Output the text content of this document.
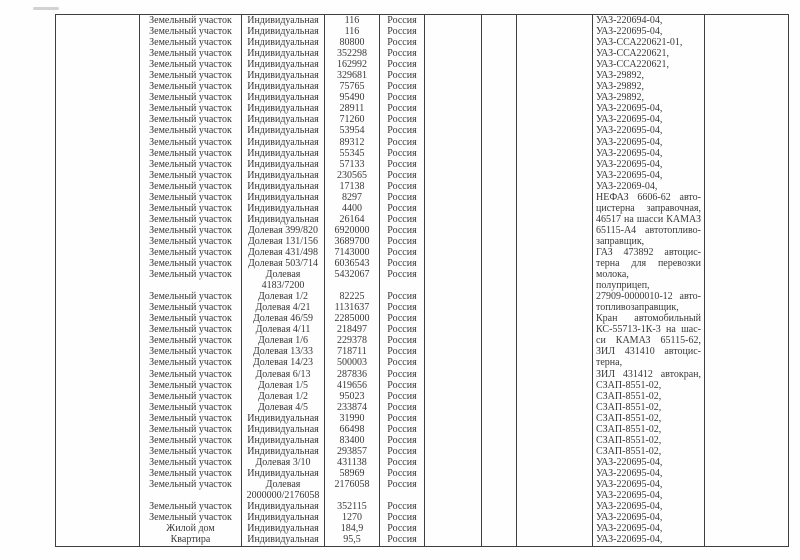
Земельный участок
Земельный участок
Земельный участок
Земельный участок
Земельный участок
Земельный участок
Земельный участок
Земельный участок
Земельный участок
Земельный участок
Земельный участок
Земельный участок
Земельный участок
Земельный участок
Земельный участок
Земельный участок
Земельный участок
Земельный участок
Земельный участок
Земельный участок
Земельный участок
Земельный участок
Земельный участок
Земельный участок
Земельный участок
Земельный участок
Земельный участок
Земельный участок
Земельный участок
Земельный участок
Земельный участок
Земельный участок
Земельный участок
Земельный участок
Земельный участок
Земельный участок
Земельный участок
Земельный участок
Земельный участок
Земельный участок
Земельный участок
Земельный участок
Земельный участок
Земельный участок
Жилой дом
Квартира
Индивидуальная
Индивидуальная
Индивидуальная
Индивидуальная
Индивидуальная
Индивидуальная
Индивидуальная
Индивидуальная
Индивидуальная
Индивидуальная
Индивидуальная
Индивидуальная
Индивидуальная
Индивидуальная
Индивидуальная
Индивидуальная
Индивидуальная
Индивидуальная
Индивидуальная
Долевая 399/820
Долевая 131/156
Долевая 431/498
Долевая 503/714
Долевая
4183/7200
Долевая 1/2
Долевая 4/21
Долевая 46/59
Долевая 4/11
Долевая 1/6
Долевая 13/33
Долевая 14/23
Долевая 6/13
Долевая 1/5
Долевая 1/2
Долевая 4/5
Индивидуальная
Индивидуальная
Индивидуальная
Индивидуальная
Долевая 3/10
Индивидуальная
Долевая
2000000/2176058
Индивидуальная
Индивидуальная
Индивидуальная
Индивидуальная
116
116
80800
352298
162992
329681
75765
95490
28911
71260
53954
89312
55345
57133
230565
17138
8297
4400
26164
6920000
3689700
7143000
6036543
5432067
82225
1131637
2285000
218497
229378
718711
500003
287836
419656
95023
233874
31990
66498
83400
293857
431138
58969
2176058
352115
1270
184,9
95,5
Россия
Россия
Россия
Россия
Россия
Россия
Россия
Россия
Россия
Россия
Россия
Россия
Россия
Россия
Россия
Россия
Россия
Россия
Россия
Россия
Россия
Россия
Россия
Россия
Россия
Россия
Россия
Россия
Россия
Россия
Россия
Россия
Россия
Россия
Россия
Россия
Россия
Россия
Россия
Россия
Россия
Россия
Россия
Россия
Россия
Россия
УАЗ-220694-04,
УАЗ-220695-04,
УАЗ-ССА220621-01,
УАЗ-ССА220621,
УАЗ-ССА220621,
УАЗ-29892,
УАЗ-29892,
УАЗ-29892,
УАЗ-220695-04,
УАЗ-220695-04,
УАЗ-220695-04,
УАЗ-220695-04,
УАЗ-220695-04,
УАЗ-220695-04,
УАЗ-220695-04,
УАЗ-22069-04,
НЕФАЗ 6606-62 авто-
цистерна заправочная,
46517 на шасси КАМАЗ
65115-А4 автотопливо-
заправщик,
ГАЗ 473892 автоцис-
терна для перевозки
молока,
полуприцеп,
27909-0000010-12 авто-
топливозаправщик,
Кран автомобильный
КС-55713-1К-3 на шас-
си КАМАЗ 65115-62,
ЗИЛ 431410 автоцис-
терна,
ЗИЛ 431412 автокран,
СЗАП-8551-02,
СЗАП-8551-02,
СЗАП-8551-02,
СЗАП-8551-02,
СЗАП-8551-02,
СЗАП-8551-02,
СЗАП-8551-02,
УАЗ-220695-04,
УАЗ-220695-04,
УАЗ-220695-04,
УАЗ-220695-04,
УАЗ-220695-04,
УАЗ-220695-04,
УАЗ-220695-04,
УАЗ-220695-04,
